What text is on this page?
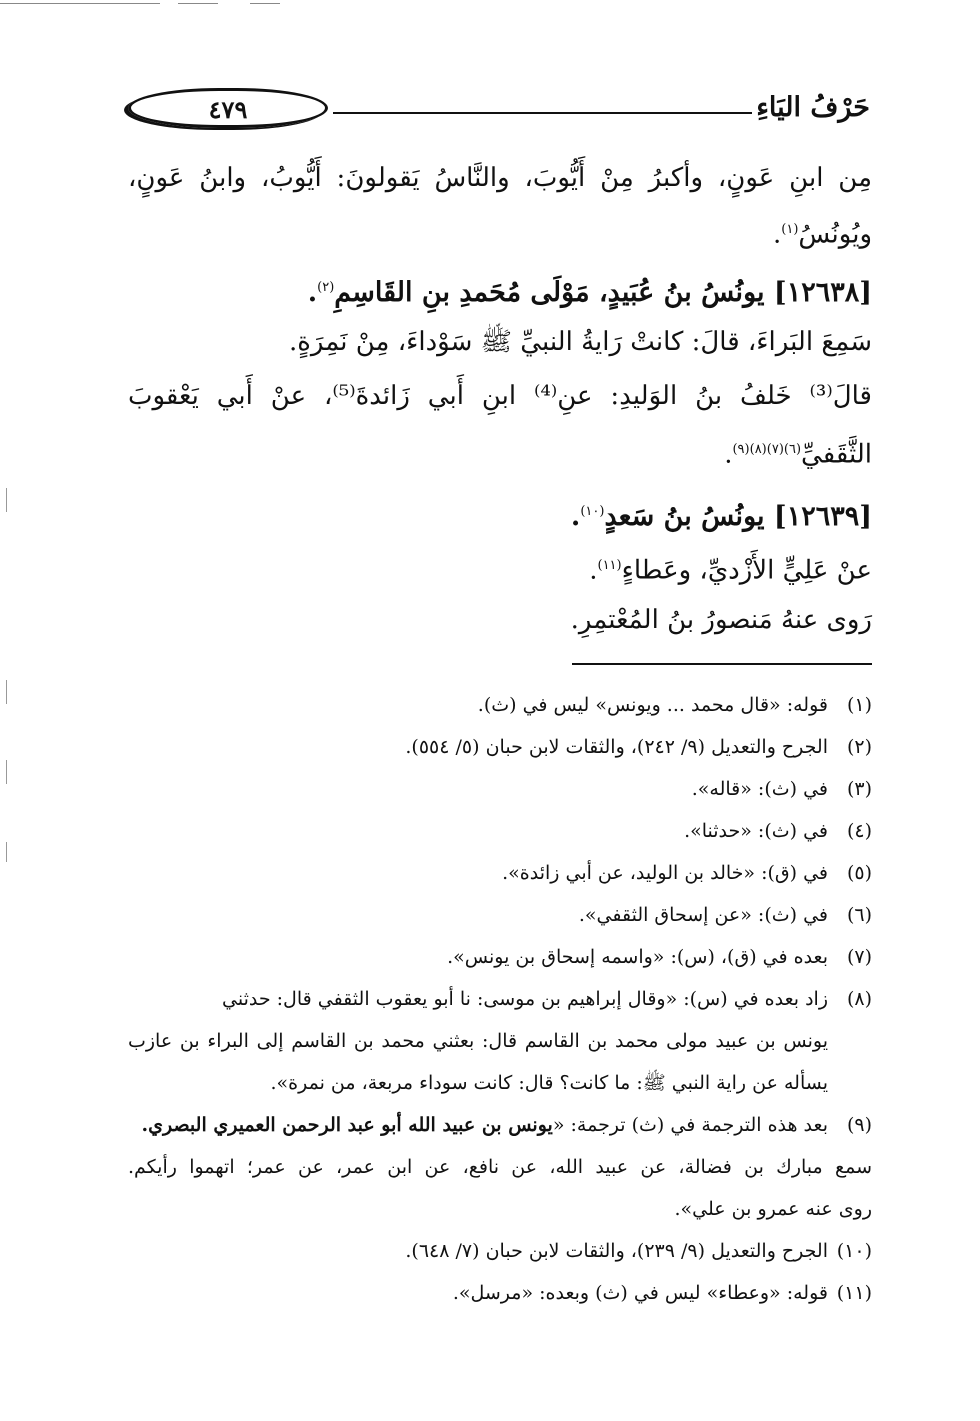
حَرْفُ اليَاءِ
٤٧٩
مِن ابنِ عَونٍ، وأكبرُ مِنْ أَيُّوبَ، والنَّاسُ يَقولونَ: أَيُّوبُ، وابنُ عَونٍ،
ويُونُسُ$^{(١)}$.
[١٢٦٣٨] يونُسُ بنُ عُبَيدٍ، مَوْلَى مُحَمدِ بنِ القَاسِمِ$^{(٢)}$.
سَمِعَ البَراءَ، قالَ: كانتْ رَايةُ النبيِّ ﷺ سَوْداءَ، مِنْ نَمِرَةٍ.
قالَ⁽³⁾ خَلفُ بنُ الوَليدِ: عنِ⁽⁴⁾ ابنِ أَبي زَائدةَ⁽⁵⁾، عنْ أَبي يَعْقوبَ
الثَّقَفيِّ$^{(٦)(٧)(٨)(٩)}$.
[١٢٦٣٩] يونُسُ بنُ سَعدٍ$^{(١٠)}$.
عنْ عَلِيٍّ الأَزْديِّ، وعَطاءٍ$^{(١١)}$.
رَوى عنهُ مَنصورُ بنُ المُعْتمِرِ.
(١)قوله: «قال محمد ... ويونس» ليس في (ث).
(٢)الجرح والتعديل (٩/ ٢٤٢)، والثقات لابن حبان (٥/ ٥٥٤).
(٣)في (ث): «قاله».
(٤)في (ث): «حدثنا».
(٥)في (ق): «خالد بن الوليد، عن أبي زائدة».
(٦)في (ث): «عن إسحاق الثقفي».
(٧)بعده في (ق)، (س): «واسمه إسحاق بن يونس».
(٨)زاد بعده في (س): «وقال إبراهيم بن موسى: نا أبو يعقوب الثقفي قال: حدثني
يونس بن عبيد مولى محمد بن القاسم قال: بعثني محمد بن القاسم إلى البراء بن عازب
يسأله عن راية النبي ﷺ: ما كانت؟ قال: كانت سوداء مربعة، من نمرة».
(٩)بعد هذه الترجمة في (ث) ترجمة: «يونس بن عبيد الله أبو عبد الرحمن العميري البصري.
سمع مبارك بن فضالة، عن عبيد الله، عن نافع، عن ابن عمر، عن عمر؛ اتهموا رأيكم.
روى عنه عمرو بن علي».
(١٠)الجرح والتعديل (٩/ ٢٣٩)، والثقات لابن حبان (٧/ ٦٤٨).
(١١)قوله: «وعطاء» ليس في (ث) وبعده: «مرسل».
